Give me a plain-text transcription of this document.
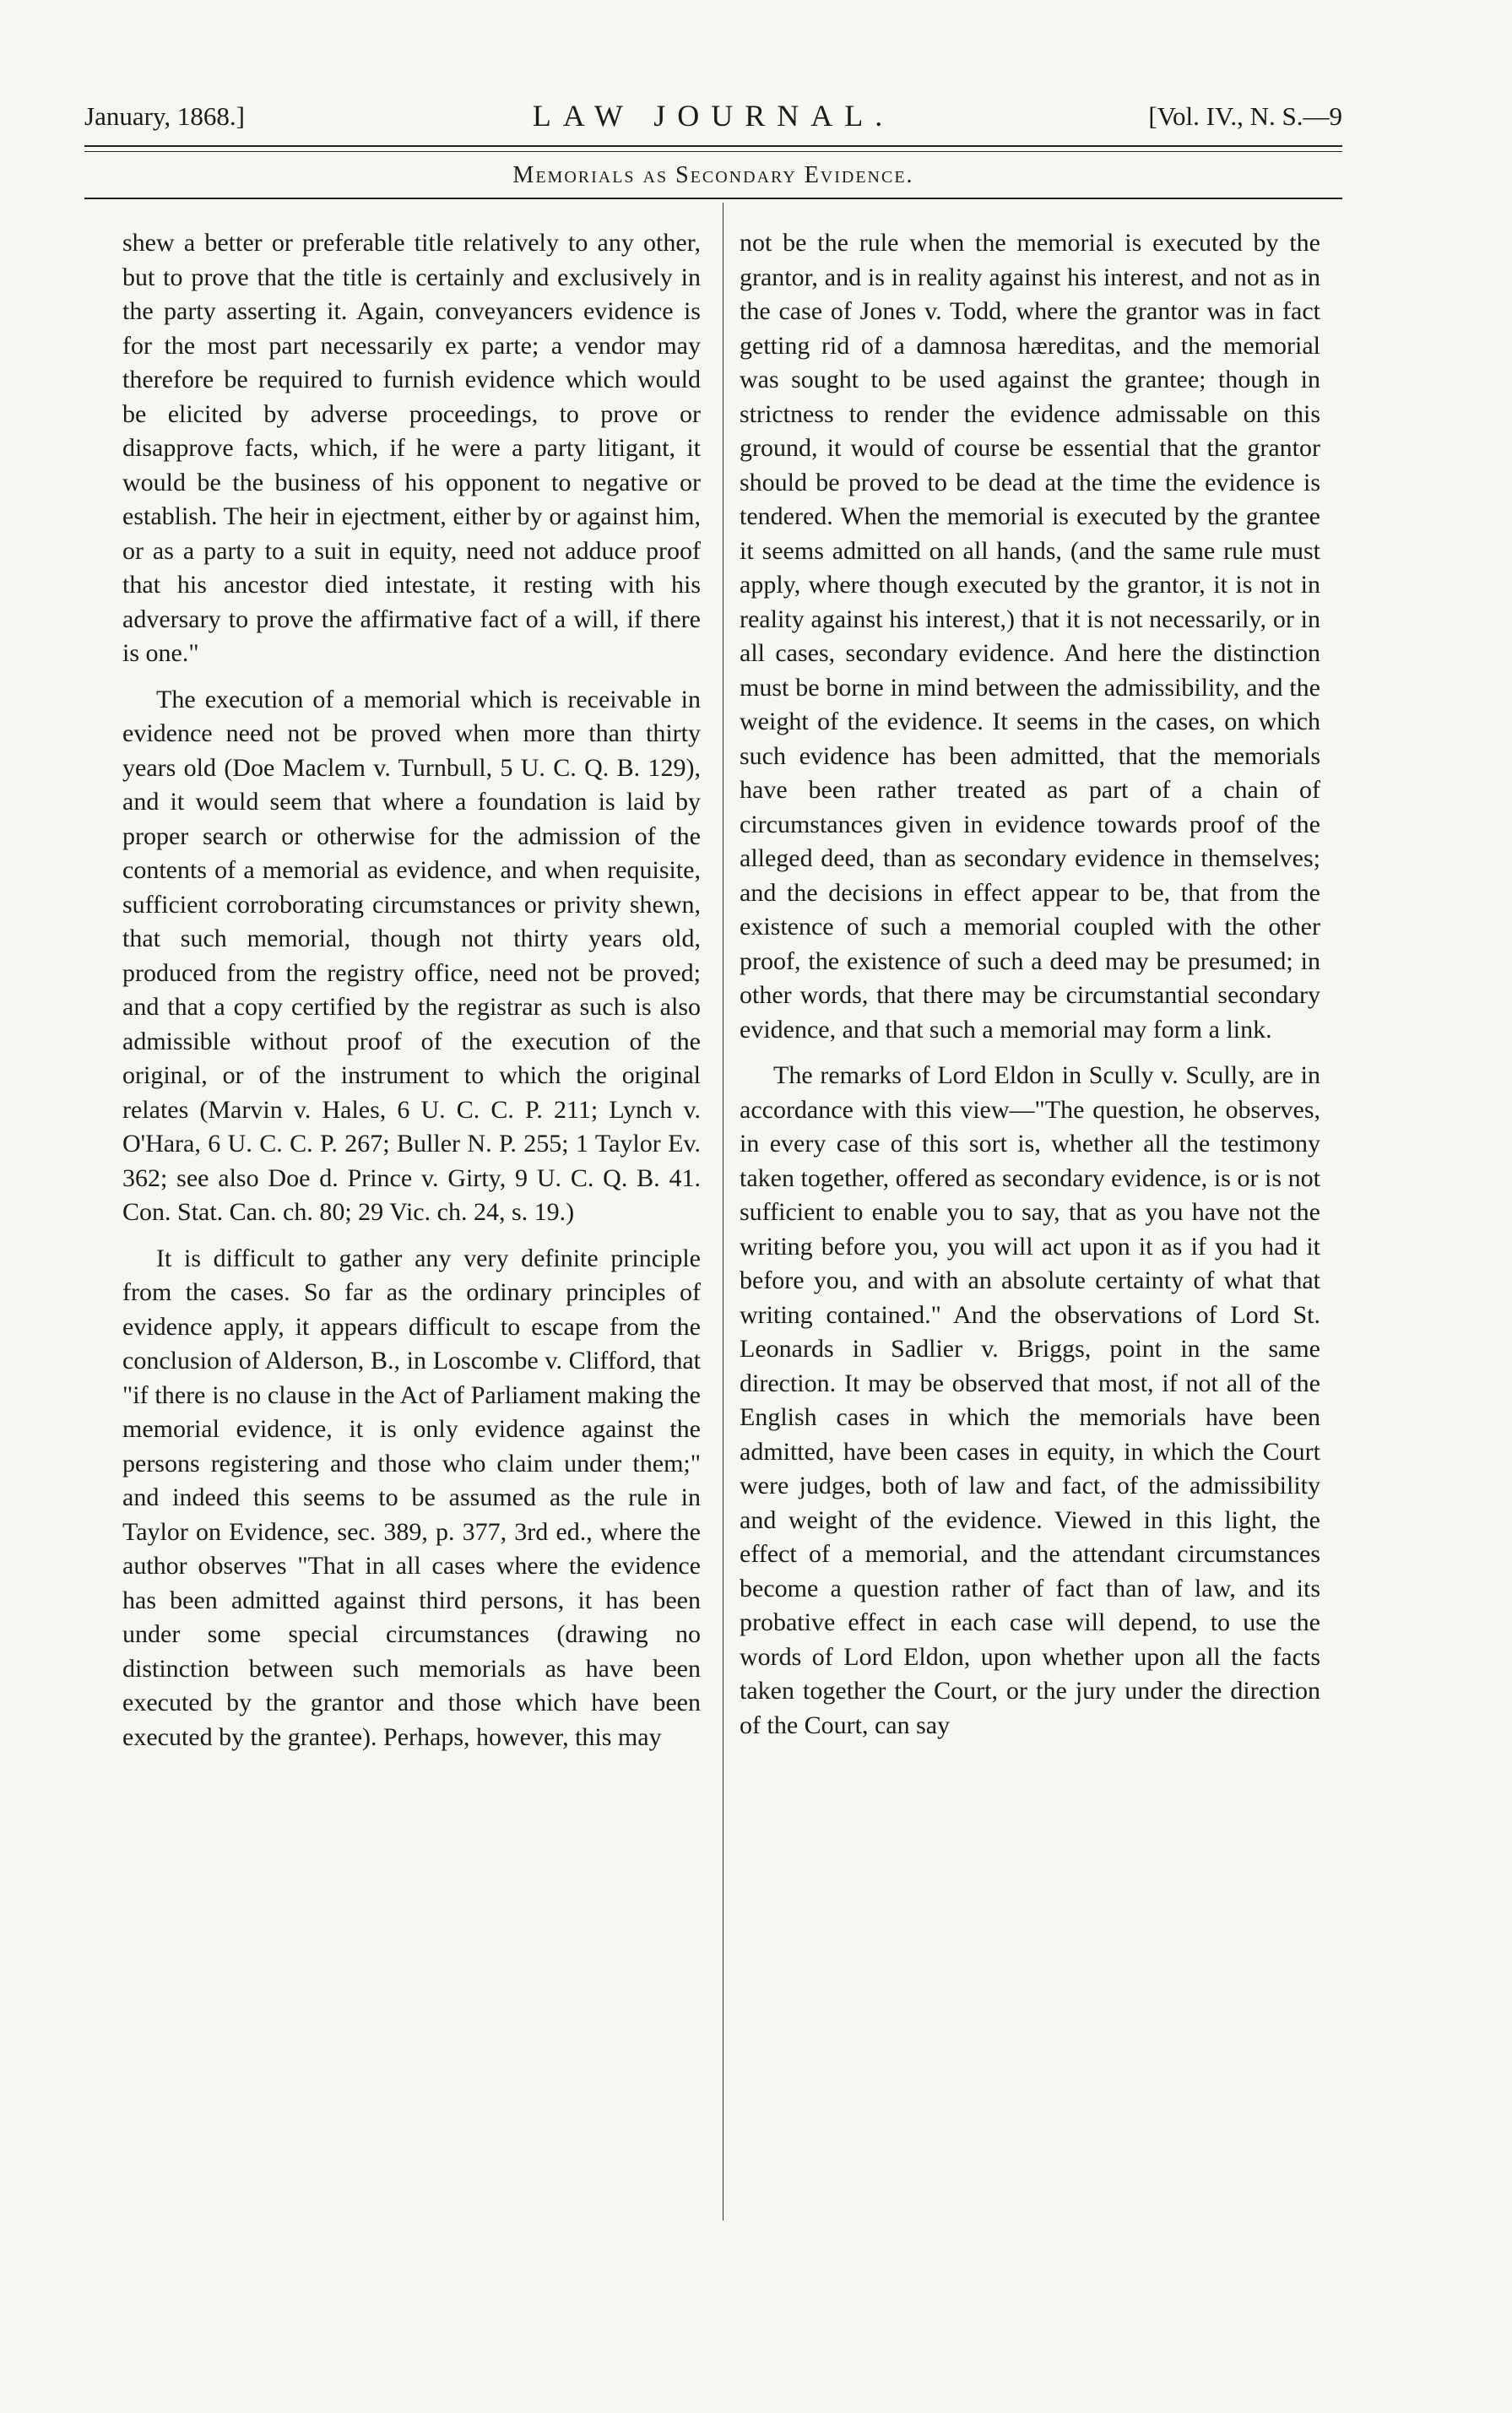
January, 1868.]	LAW JOURNAL.	[Vol. IV., N. S.—9
Memorials as Secondary Evidence.

shew a better or preferable title relatively to any other, but to prove that the title is certainly and exclusively in the party asserting it. Again, conveyancers evidence is for the most part necessarily ex parte; a vendor may therefore be required to furnish evidence which would be elicited by adverse proceedings, to prove or disapprove facts, which, if he were a party litigant, it would be the business of his opponent to negative or establish. The heir in ejectment, either by or against him, or as a party to a suit in equity, need not adduce proof that his ancestor died intestate, it resting with his adversary to prove the affirmative fact of a will, if there is one."

The execution of a memorial which is receivable in evidence need not be proved when more than thirty years old (Doe Maclem v. Turnbull, 5 U. C. Q. B. 129), and it would seem that where a foundation is laid by proper search or otherwise for the admission of the contents of a memorial as evidence, and when requisite, sufficient corroborating circumstances or privity shewn, that such memorial, though not thirty years old, produced from the registry office, need not be proved; and that a copy certified by the registrar as such is also admissible without proof of the execution of the original, or of the instrument to which the original relates (Marvin v. Hales, 6 U. C. C. P. 211; Lynch v. O'Hara, 6 U. C. C. P. 267; Buller N. P. 255; 1 Taylor Ev. 362; see also Doe d. Prince v. Girty, 9 U. C. Q. B. 41. Con. Stat. Can. ch. 80; 29 Vic. ch. 24, s. 19.)

It is difficult to gather any very definite principle from the cases. So far as the ordinary principles of evidence apply, it appears difficult to escape from the conclusion of Alderson, B., in Loscombe v. Clifford, that "if there is no clause in the Act of Parliament making the memorial evidence, it is only evidence against the persons registering and those who claim under them;" and indeed this seems to be assumed as the rule in Taylor on Evidence, sec. 389, p. 377, 3rd ed., where the author observes "That in all cases where the evidence has been admitted against third persons, it has been under some special circumstances (drawing no distinction between such memorials as have been executed by the grantor and those which have been executed by the grantee). Perhaps, however, this may

not be the rule when the memorial is executed by the grantor, and is in reality against his interest, and not as in the case of Jones v. Todd, where the grantor was in fact getting rid of a damnosa hæreditas, and the memorial was sought to be used against the grantee; though in strictness to render the evidence admissable on this ground, it would of course be essential that the grantor should be proved to be dead at the time the evidence is tendered. When the memorial is executed by the grantee it seems admitted on all hands, (and the same rule must apply, where though executed by the grantor, it is not in reality against his interest,) that it is not necessarily, or in all cases, secondary evidence. And here the distinction must be borne in mind between the admissibility, and the weight of the evidence. It seems in the cases, on which such evidence has been admitted, that the memorials have been rather treated as part of a chain of circumstances given in evidence towards proof of the alleged deed, than as secondary evidence in themselves; and the decisions in effect appear to be, that from the existence of such a memorial coupled with the other proof, the existence of such a deed may be presumed; in other words, that there may be circumstantial secondary evidence, and that such a memorial may form a link.

The remarks of Lord Eldon in Scully v. Scully, are in accordance with this view—"The question, he observes, in every case of this sort is, whether all the testimony taken together, offered as secondary evidence, is or is not sufficient to enable you to say, that as you have not the writing before you, you will act upon it as if you had it before you, and with an absolute certainty of what that writing contained." And the observations of Lord St. Leonards in Sadlier v. Briggs, point in the same direction. It may be observed that most, if not all of the English cases in which the memorials have been admitted, have been cases in equity, in which the Court were judges, both of law and fact, of the admissibility and weight of the evidence. Viewed in this light, the effect of a memorial, and the attendant circumstances become a question rather of fact than of law, and its probative effect in each case will depend, to use the words of Lord Eldon, upon whether upon all the facts taken together the Court, or the jury under the direction of the Court, can say
